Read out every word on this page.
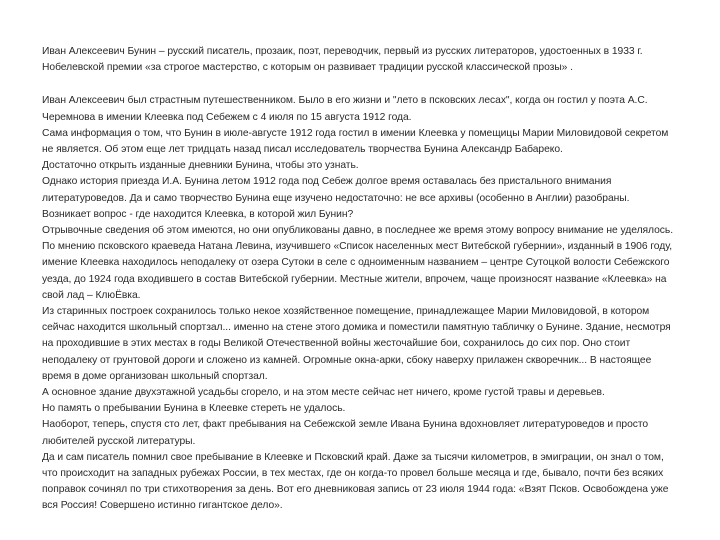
Иван Алексеевич Бунин – русский писатель, прозаик, поэт, переводчик, первый из русских литераторов, удостоенных в 1933 г. Нобелевской премии «за строгое мастерство, с которым он развивает традиции русской классической прозы» .

Иван Алексеевич был страстным путешественником. Было в его жизни и "лето в псковских лесах", когда он гостил у поэта А.С. Черемнова в имении Клеевка под Себежем с 4 июля по 15 августа 1912 года.

Сама информация о том, что Бунин в июле-августе 1912 года гостил в имении Клеевка у помещицы Марии Миловидовой секретом не является. Об этом еще лет тридцать назад писал исследователь творчества Бунина Александр Бабарeко.

Достаточно открыть изданные дневники Бунина, чтобы это узнать.

Однако история приезда И.А. Бунина летом 1912 года под Себеж долгое время оставалась без пристального внимания литературоведов. Да и само творчество Бунина еще изучено недостаточно: не все архивы (особенно в Англии) разобраны.

Возникает вопрос - где находится Клеевка, в которой жил Бунин?

Отрывочные сведения об этом имеются, но они опубликованы давно, в последнее же время этому вопросу внимание не уделялось.

По мнению псковского краеведа Натана Левина, изучившего «Список населенных мест Витебской губернии», изданный в 1906 году, имение Клеевка находилось неподалеку от озера Сутоки в селе с одноименным названием – центре Сутоцкой волости Себежского уезда, до 1924 года входившего в состав Витебской губернии. Местные жители, впрочем, чаще произносят название «Клеевка» на свой лад – КлюЁвка.

Из старинных построек сохранилось только некое хозяйственное помещение, принадлежащее Марии Миловидовой, в котором сейчас находится школьный спортзал... именно на стене этого домика и поместили памятную табличку о Бунине. Здание, несмотря на проходившие в этих местах в годы Великой Отечественной войны жесточайшие бои, сохранилось до сих пор. Оно стоит неподалеку от грунтовой дороги и сложено из камней. Огромные окна-арки, сбоку наверху прилажен скворечник... В настоящее время в доме организован школьный спортзал.

А основное здание двухэтажной усадьбы сгорело, и на этом месте сейчас нет ничего, кроме густой травы и деревьев.

Но память о пребывании Бунина в Клеевке стереть не удалось.

Наоборот, теперь, спустя сто лет, факт пребывания на Себежской земле Ивана Бунина вдохновляет литературоведов и просто любителей русской литературы.

Да и сам писатель помнил свое пребывание в Клеевке и Псковский край. Даже за тысячи километров, в эмиграции, он знал о том, что происходит на западных рубежах России, в тех местах, где он когда-то провел больше месяца и где, бывало, почти без всяких поправок сочинял по три стихотворения за день. Вот его дневниковая запись от 23 июля 1944 года: «Взят Псков. Освобождена уже вся Россия! Совершено истинно гигантское дело».
